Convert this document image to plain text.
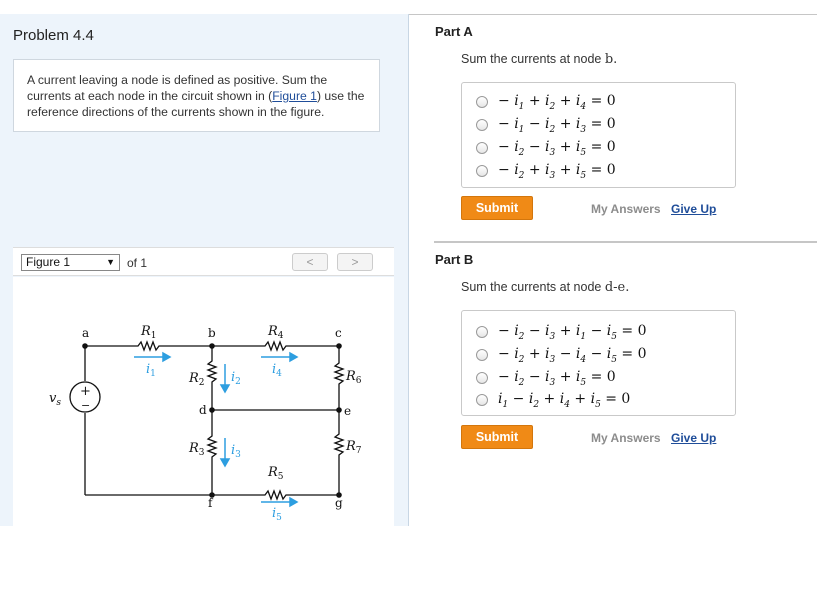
Problem 4.4
A current leaving a node is defined as positive. Sum the currents at each node in the circuit shown in (Figure 1) use the reference directions of the currents shown in the figure.
Figure 1	▼ of 1	<	>
a	b	c
d	e
f	g
$v_s$
+
−
$R_1$	$R_4$
$R_2$
$R_3$
$R_5$
$R_6$
$R_7$
$i_1$	$i_4$
$i_2$
$i_3$
$i_5$
Part A
Sum the currents at node b.
− $i_1 + i_2 + i_4 = 0$
− $i_1 - i_2 + i_3 = 0$
− $i_2 - i_3 + i_5 = 0$
− $i_2 + i_3 + i_5 = 0$
Submit	My Answers Give Up
Part B
Sum the currents at node d-e.
− $i_2 - i_3 + i_1 - i_5 = 0$
− $i_2 + i_3 - i_4 - i_5 = 0$
− $i_2 - i_3 + i_5 = 0$
$i_1 - i_2 + i_4 + i_5 = 0$
Submit	My Answers Give Up
